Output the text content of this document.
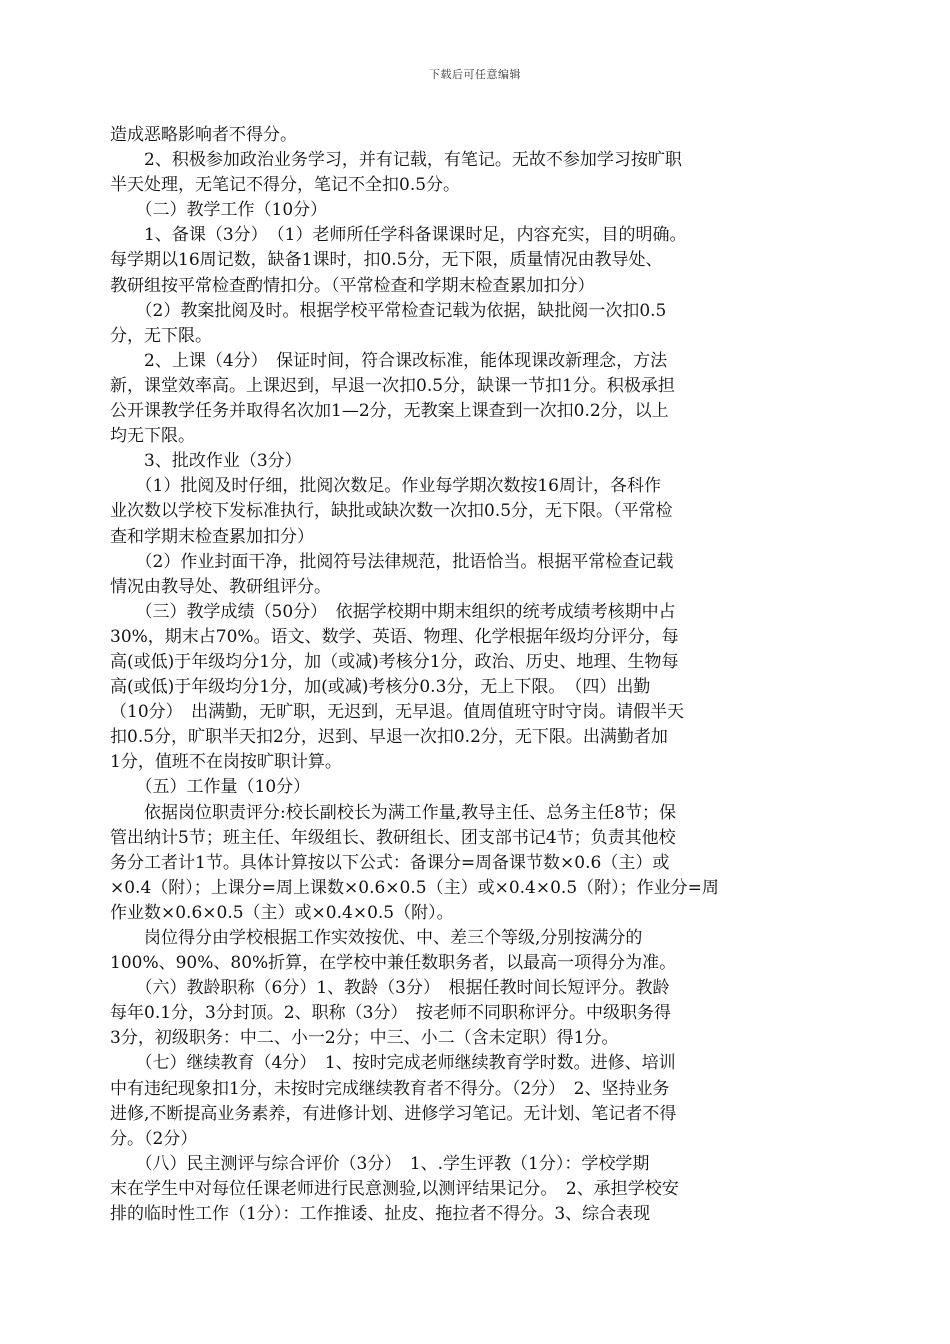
下载后可任意编辑

造成恶略影响者不得分。

　　2、积极参加政治业务学习，并有记载，有笔记。无故不参加学习按旷职

半天处理，无笔记不得分，笔记不全扣0.5分。

　　（二）教学工作（10分）

　　1、备课（3分）　（1）老师所任学科备课课时足，内容充实，目的明确。

每学期以16周记数，缺备1课时，扣0.5分，无下限，质量情况由教导处、

教研组按平常检查酌情扣分。（平常检查和学期末检查累加扣分）

　　（2）教案批阅及时。根据学校平常检查记载为依据，缺批阅一次扣0.5

分，无下限。

　　2、上课（4分）　保证时间，符合课改标准，能体现课改新理念，方法

新，课堂效率高。上课迟到，早退一次扣0.5分，缺课一节扣1分。积极承担

公开课教学任务并取得名次加1—2分，无教案上课查到一次扣0.2分，以上

均无下限。

　　3、批改作业（3分）

　　（1）批阅及时仔细，批阅次数足。作业每学期次数按16周计，各科作

业次数以学校下发标准执行，缺批或缺次数一次扣0.5分，无下限。（平常检

查和学期末检查累加扣分）

　　（2）作业封面干净，批阅符号法律规范，批语恰当。根据平常检查记载

情况由教导处、教研组评分。

　　（三）教学成绩（50分）　依据学校期中期末组织的统考成绩考核期中占

30%，期末占70%。语文、数学、英语、物理、化学根据年级均分评分，每

高(或低)于年级均分1分，加（或减)考核分1分，政治、历史、地理、生物每

高(或低)于年级均分1分，加(或减)考核分0.3分，无上下限。　（四）出勤

（10分）　出满勤，无旷职，无迟到，无早退。值周值班守时守岗。请假半天

扣0.5分，旷职半天扣2分，迟到、早退一次扣0.2分，无下限。出满勤者加

1分，值班不在岗按旷职计算。

　　（五）工作量（10分）

　　依据岗位职责评分:校长副校长为满工作量,教导主任、总务主任8节；保

管出纳计5节；班主任、年级组长、教研组长、团支部书记4节；负责其他校

务分工者计1节。具体计算按以下公式：备课分=周备课节数×0.6（主）或

×0.4（附）；上课分=周上课数×0.6×0.5（主）或×0.4×0.5（附）；作业分=周

作业数×0.6×0.5（主）或×0.4×0.5（附）。

　　岗位得分由学校根据工作实效按优、中、差三个等级,分别按满分的

100%、90%、80%折算，在学校中兼任数职务者，以最高一项得分为准。

　　（六）教龄职称（6分）1、教龄（3分）　根据任教时间长短评分。教龄

每年0.1分，3分封顶。2、职称（3分）　按老师不同职称评分。中级职务得

3分，初级职务：中二、小一2分；中三、小二（含未定职）得1分。

　　（七）继续教育（4分）　1、按时完成老师继续教育学时数。进修、培训

中有违纪现象扣1分，未按时完成继续教育者不得分。（2分）　2、坚持业务

进修,不断提高业务素养，有进修计划、进修学习笔记。无计划、笔记者不得

分。（2分）

　　（八）民主测评与综合评价（3分）　1、.学生评教（1分）：学校学期

末在学生中对每位任课老师进行民意测验,以测评结果记分。　2、承担学校安

排的临时性工作（1分）：工作推诿、扯皮、拖拉者不得分。3、综合表现
